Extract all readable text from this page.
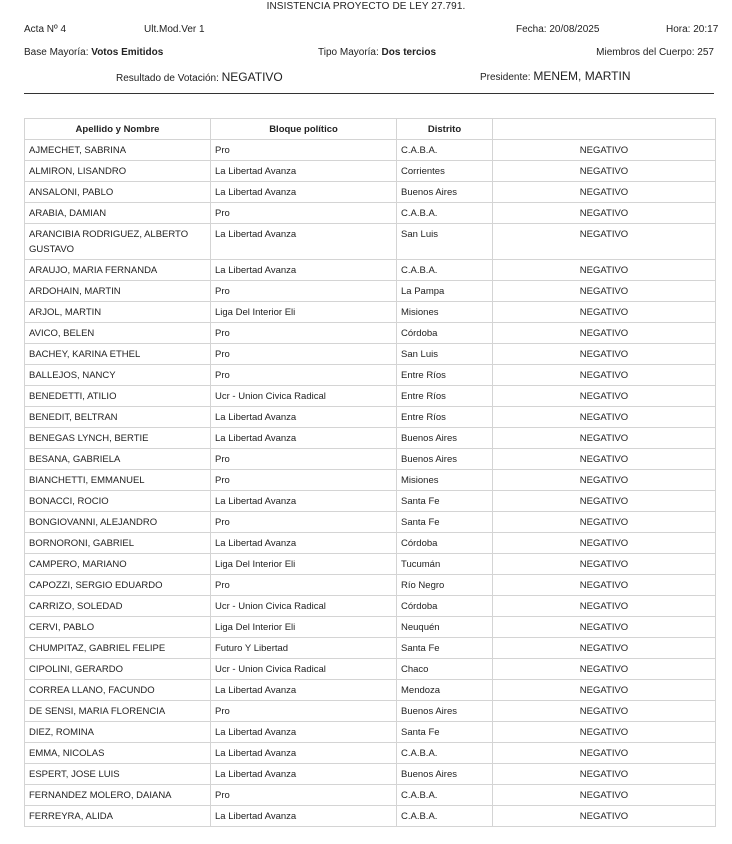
INSISTENCIA PROYECTO DE LEY 27.791.
Acta Nº 4	Ult.Mod.Ver 1	Fecha: 20/08/2025	Hora: 20:17
Base Mayoría: Votos Emitidos	Tipo Mayoría: Dos tercios	Miembros del Cuerpo: 257
Resultado de Votación: NEGATIVO	Presidente: MENEM, MARTIN
Apellido y Nombre	Bloque político	Distrito	
AJMECHET, SABRINA	Pro	C.A.B.A.	NEGATIVO
ALMIRON, LISANDRO	La Libertad Avanza	Corrientes	NEGATIVO
ANSALONI, PABLO	La Libertad Avanza	Buenos Aires	NEGATIVO
ARABIA, DAMIAN	Pro	C.A.B.A.	NEGATIVO
ARANCIBIA RODRIGUEZ, ALBERTO GUSTAVO	La Libertad Avanza	San Luis	NEGATIVO
ARAUJO, MARIA FERNANDA	La Libertad Avanza	C.A.B.A.	NEGATIVO
ARDOHAIN, MARTIN	Pro	La Pampa	NEGATIVO
ARJOL, MARTIN	Liga Del Interior Eli	Misiones	NEGATIVO
AVICO, BELEN	Pro	Córdoba	NEGATIVO
BACHEY, KARINA ETHEL	Pro	San Luis	NEGATIVO
BALLEJOS, NANCY	Pro	Entre Ríos	NEGATIVO
BENEDETTI, ATILIO	Ucr - Union Civica Radical	Entre Ríos	NEGATIVO
BENEDIT, BELTRAN	La Libertad Avanza	Entre Ríos	NEGATIVO
BENEGAS LYNCH, BERTIE	La Libertad Avanza	Buenos Aires	NEGATIVO
BESANA, GABRIELA	Pro	Buenos Aires	NEGATIVO
BIANCHETTI, EMMANUEL	Pro	Misiones	NEGATIVO
BONACCI, ROCIO	La Libertad Avanza	Santa Fe	NEGATIVO
BONGIOVANNI, ALEJANDRO	Pro	Santa Fe	NEGATIVO
BORNORONI, GABRIEL	La Libertad Avanza	Córdoba	NEGATIVO
CAMPERO, MARIANO	Liga Del Interior Eli	Tucumán	NEGATIVO
CAPOZZI, SERGIO EDUARDO	Pro	Río Negro	NEGATIVO
CARRIZO, SOLEDAD	Ucr - Union Civica Radical	Córdoba	NEGATIVO
CERVI, PABLO	Liga Del Interior Eli	Neuquén	NEGATIVO
CHUMPITAZ, GABRIEL FELIPE	Futuro Y Libertad	Santa Fe	NEGATIVO
CIPOLINI, GERARDO	Ucr - Union Civica Radical	Chaco	NEGATIVO
CORREA LLANO, FACUNDO	La Libertad Avanza	Mendoza	NEGATIVO
DE SENSI, MARIA FLORENCIA	Pro	Buenos Aires	NEGATIVO
DIEZ, ROMINA	La Libertad Avanza	Santa Fe	NEGATIVO
EMMA, NICOLAS	La Libertad Avanza	C.A.B.A.	NEGATIVO
ESPERT, JOSE LUIS	La Libertad Avanza	Buenos Aires	NEGATIVO
FERNANDEZ MOLERO, DAIANA	Pro	C.A.B.A.	NEGATIVO
FERREYRA, ALIDA	La Libertad Avanza	C.A.B.A.	NEGATIVO
